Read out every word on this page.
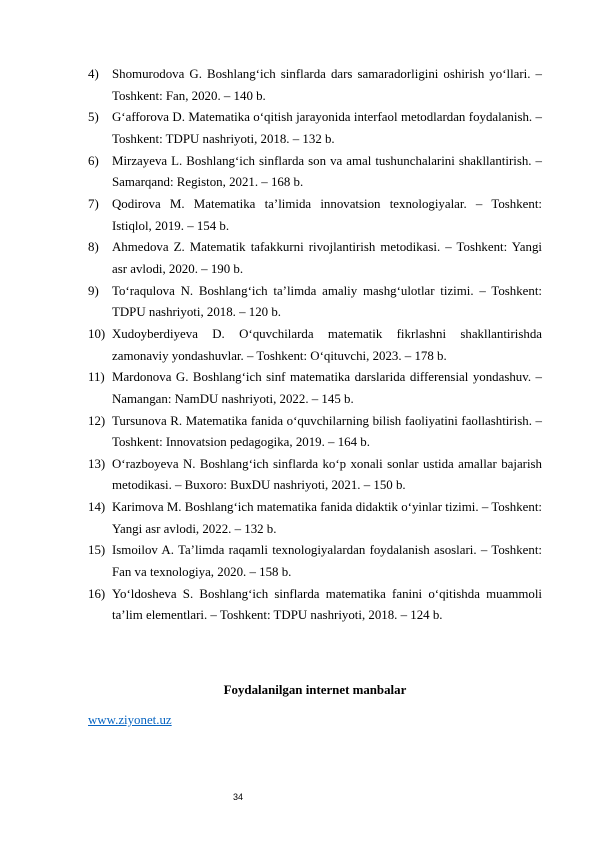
4)	Shomurodova G. Boshlang‘ich sinflarda dars samaradorligini oshirish yo‘llari. – Toshkent: Fan, 2020. – 140 b.
5)	G‘afforova D. Matematika o‘qitish jarayonida interfaol metodlardan foydalanish. – Toshkent: TDPU nashriyoti, 2018. – 132 b.
6)	Mirzayeva L. Boshlang‘ich sinflarda son va amal tushunchalarini shakllantirish. – Samarqand: Registon, 2021. – 168 b.
7)	Qodirova M. Matematika ta’limida innovatsion texnologiyalar. – Toshkent: Istiqlol, 2019. – 154 b.
8)	Ahmedova Z. Matematik tafakkurni rivojlantirish metodikasi. – Toshkent: Yangi asr avlodi, 2020. – 190 b.
9)	To‘raqulova N. Boshlang‘ich ta’limda amaliy mashg‘ulotlar tizimi. – Toshkent: TDPU nashriyoti, 2018. – 120 b.
10) Xudoyberdiyeva D. O‘quvchilarda matematik fikrlashni shakllantirishda zamonaviy yondashuvlar. – Toshkent: O‘qituvchi, 2023. – 178 b.
11) Mardonova G. Boshlang‘ich sinf matematika darslarida differensial yondashuv. – Namangan: NamDU nashriyoti, 2022. – 145 b.
12) Tursunova R. Matematika fanida o‘quvchilarning bilish faoliyatini faollashtirish. – Toshkent: Innovatsion pedagogika, 2019. – 164 b.
13) O‘razboyeva N. Boshlang‘ich sinflarda ko‘p xonali sonlar ustida amallar bajarish metodikasi. – Buxoro: BuxDU nashriyoti, 2021. – 150 b.
14) Karimova M. Boshlang‘ich matematika fanida didaktik o‘yinlar tizimi. – Toshkent: Yangi asr avlodi, 2022. – 132 b.
15) Ismoilov A. Ta’limda raqamli texnologiyalardan foydalanish asoslari. – Toshkent: Fan va texnologiya, 2020. – 158 b.
16) Yo‘ldosheva S. Boshlang‘ich sinflarda matematika fanini o‘qitishda muammoli ta’lim elementlari. – Toshkent: TDPU nashriyoti, 2018. – 124 b.
Foydalanilgan internet manbalar
www.ziyonet.uz
34
